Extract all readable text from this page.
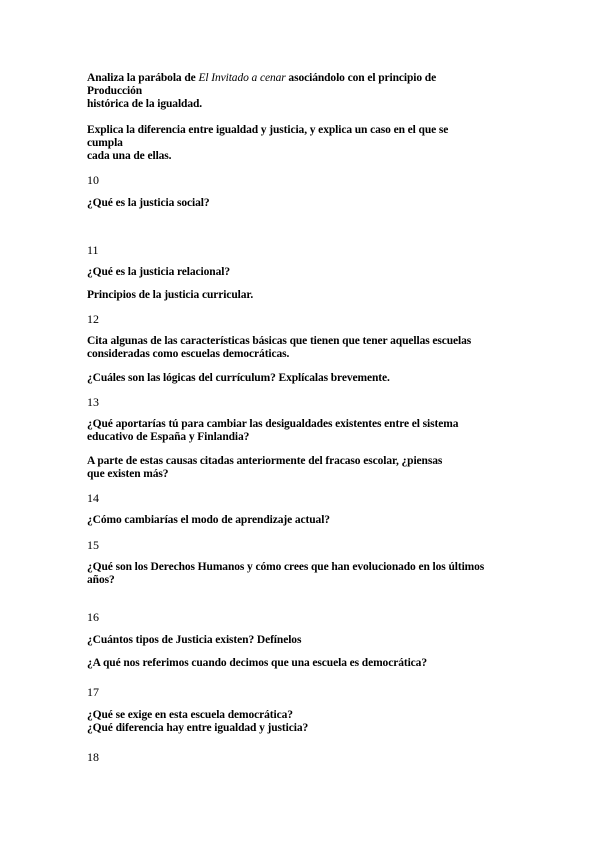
Analiza la parábola de El Invitado a cenar asociándolo con el principio de
Producción
histórica de la igualdad.

Explica la diferencia entre igualdad y justicia, y explica un caso en el que se
cumpla
cada una de ellas.

10

¿Qué es la justicia social?

11

¿Qué es la justicia relacional?

Principios de la justicia curricular.

12

Cita algunas de las características básicas que tienen que tener aquellas escuelas
consideradas como escuelas democráticas.

¿Cuáles son las lógicas del currículum? Explícalas brevemente.

13

¿Qué aportarías tú para cambiar las desigualdades existentes entre el sistema
educativo de España y Finlandia?

A parte de estas causas citadas anteriormente del fracaso escolar, ¿piensas
que existen más?

14

¿Cómo cambiarías el modo de aprendizaje actual?

15

¿Qué son los Derechos Humanos y cómo crees que han evolucionado en los últimos
años?

16

¿Cuántos tipos de Justicia existen? Defínelos

¿A qué nos referimos cuando decimos que una escuela es democrática?

17

¿Qué se exige en esta escuela democrática?
¿Qué diferencia hay entre igualdad y justicia?

18
